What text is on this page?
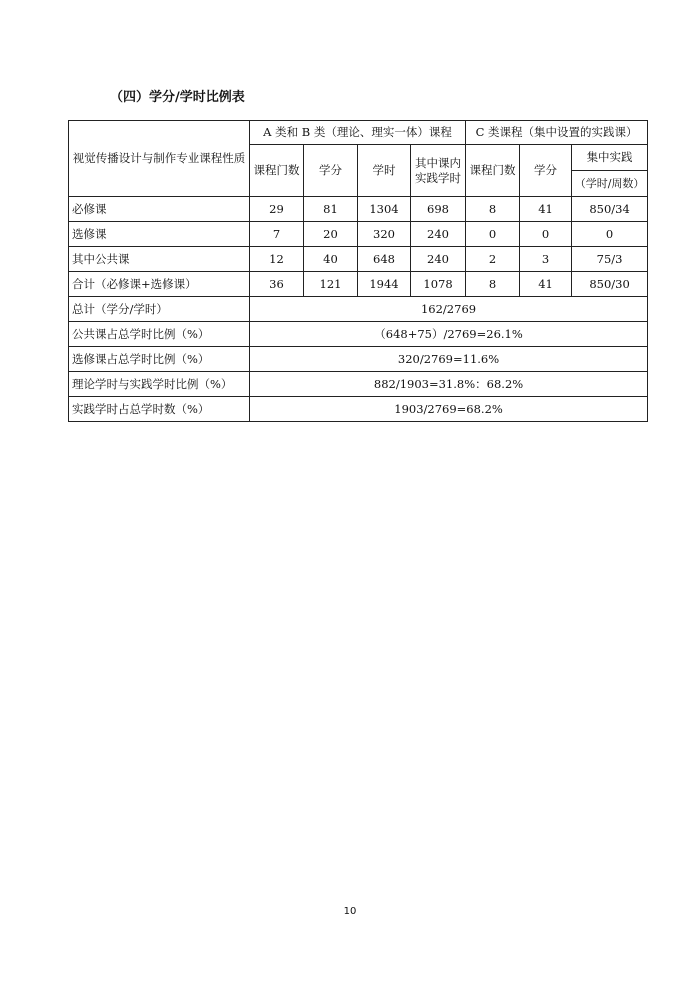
（四）学分/学时比例表
视觉传播设计与制作专业课程性质	A 类和 B 类（理论、理实一体）课程				C 类课程（集中设置的实践课）		
	课程门数	学分	学时	其中课内实践学时	课程门数	学分	集中实践
							（学时/周数）
必修课	29	81	1304	698	8	41	850/34
选修课	7	20	320	240	0	0	0
其中公共课	12	40	648	240	2	3	75/3
合计（必修课+选修课）	36	121	1944	1078	8	41	850/30
总计（学分/学时）	162/2769						
公共课占总学时比例（%）	（648+75）/2769=26.1%						
选修课占总学时比例（%）	320/2769=11.6%						
理论学时与实践学时比例（%）	882/1903=31.8%：68.2%						
实践学时占总学时数（%）	1903/2769=68.2%						
10
